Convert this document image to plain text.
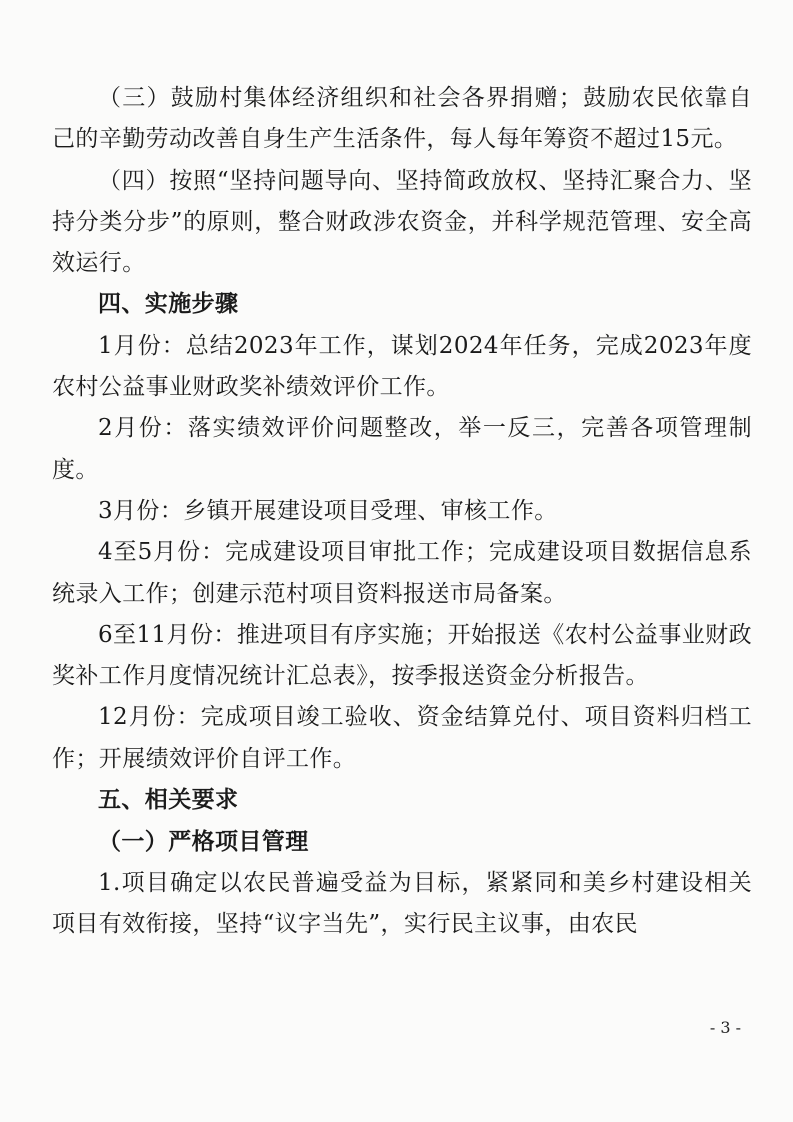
（三）鼓励村集体经济组织和社会各界捐赠；鼓励农民依靠自己的辛勤劳动改善自身生产生活条件，每人每年筹资不超过15元。

（四）按照“坚持问题导向、坚持简政放权、坚持汇聚合力、坚持分类分步”的原则，整合财政涉农资金，并科学规范管理、安全高效运行。

四、实施步骤

1月份：总结2023年工作，谋划2024年任务，完成2023年度农村公益事业财政奖补绩效评价工作。

2月份：落实绩效评价问题整改，举一反三，完善各项管理制度。

3月份：乡镇开展建设项目受理、审核工作。

4至5月份：完成建设项目审批工作；完成建设项目数据信息系统录入工作；创建示范村项目资料报送市局备案。

6至11月份：推进项目有序实施；开始报送《农村公益事业财政奖补工作月度情况统计汇总表》，按季报送资金分析报告。

12月份：完成项目竣工验收、资金结算兑付、项目资料归档工作；开展绩效评价自评工作。

五、相关要求

（一）严格项目管理

1.项目确定以农民普遍受益为目标，紧紧同和美乡村建设相关项目有效衔接，坚持“议字当先”，实行民主议事，由农民

- 3 -
